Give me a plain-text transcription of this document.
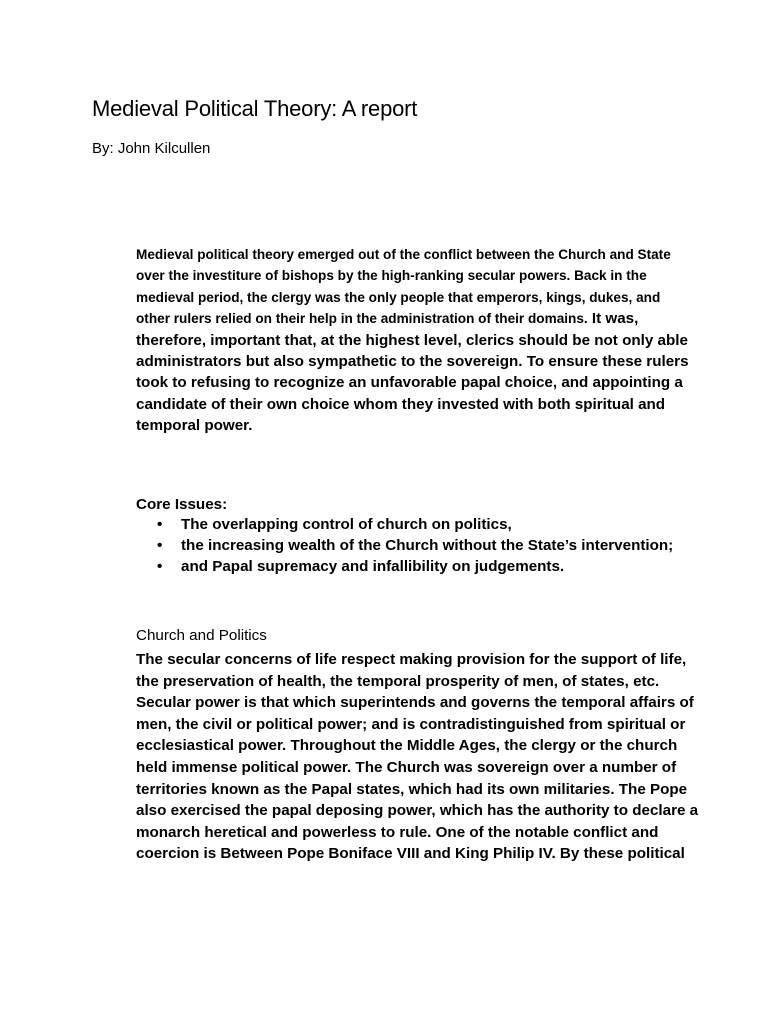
Medieval Political Theory: A report

By: John Kilcullen

Medieval political theory emerged out of the conflict between the Church and State over the investiture of bishops by the high-ranking secular powers. Back in the medieval period, the clergy was the only people that emperors, kings, dukes, and other rulers relied on their help in the administration of their domains. It was, therefore, important that, at the highest level, clerics should be not only able administrators but also sympathetic to the sovereign. To ensure these rulers took to refusing to recognize an unfavorable papal choice, and appointing a candidate of their own choice whom they invested with both spiritual and temporal power.

Core Issues:

• The overlapping control of church on politics,
• the increasing wealth of the Church without the State’s intervention;
• and Papal supremacy and infallibility on judgements.
Church and Politics

The secular concerns of life respect making provision for the support of life, the preservation of health, the temporal prosperity of men, of states, etc. Secular power is that which superintends and governs the temporal affairs of men, the civil or political power; and is contradistinguished from spiritual or ecclesiastical power. Throughout the Middle Ages, the clergy or the church held immense political power. The Church was sovereign over a number of territories known as the Papal states, which had its own militaries. The Pope also exercised the papal deposing power, which has the authority to declare a monarch heretical and powerless to rule. One of the notable conflict and coercion is Between Pope Boniface VIII and King Philip IV. By these political
